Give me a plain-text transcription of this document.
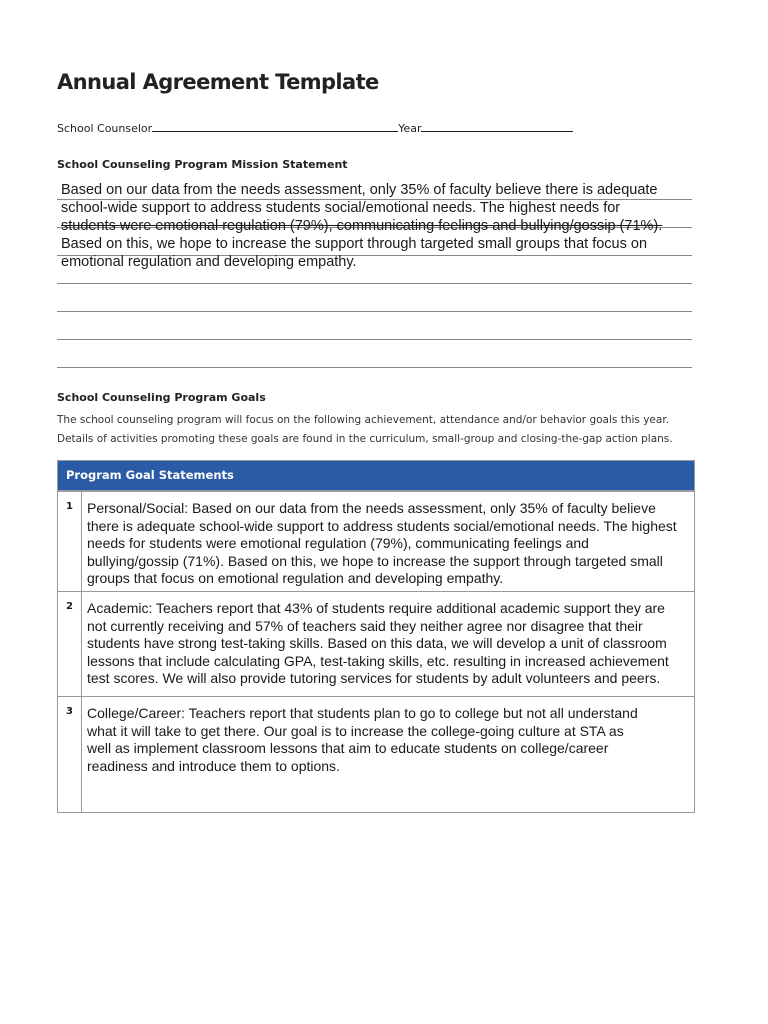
Annual Agreement Template
School Counselor	Year
School Counseling Program Mission Statement
Based on our data from the needs assessment, only 35% of faculty believe there is adequate
school-wide support to address students social/emotional needs. The highest needs for
students were emotional regulation (79%), communicating feelings and bullying/gossip (71%).
Based on this, we hope to increase the support through targeted small groups that focus on
emotional regulation and developing empathy.
School Counseling Program Goals
The school counseling program will focus on the following achievement, attendance and/or behavior goals this year.
Details of activities promoting these goals are found in the curriculum, small-group and closing-the-gap action plans.
Program Goal Statements
1	Personal/Social: Based on our data from the needs assessment, only 35% of faculty believe
there is adequate school-wide support to address students social/emotional needs. The highest
needs for students were emotional regulation (79%), communicating feelings and
bullying/gossip (71%). Based on this, we hope to increase the support through targeted small
groups that focus on emotional regulation and developing empathy.
2	Academic: Teachers report that 43% of students require additional academic support they are
not currently receiving and 57% of teachers said they neither agree nor disagree that their
students have strong test-taking skills. Based on this data, we will develop a unit of classroom
lessons that include calculating GPA, test-taking skills, etc. resulting in increased achievement
test scores. We will also provide tutoring services for students by adult volunteers and peers.
3	College/Career: Teachers report that students plan to go to college but not all understand
what it will take to get there. Our goal is to increase the college-going culture at STA as
well as implement classroom lessons that aim to educate students on college/career
readiness and introduce them to options.
